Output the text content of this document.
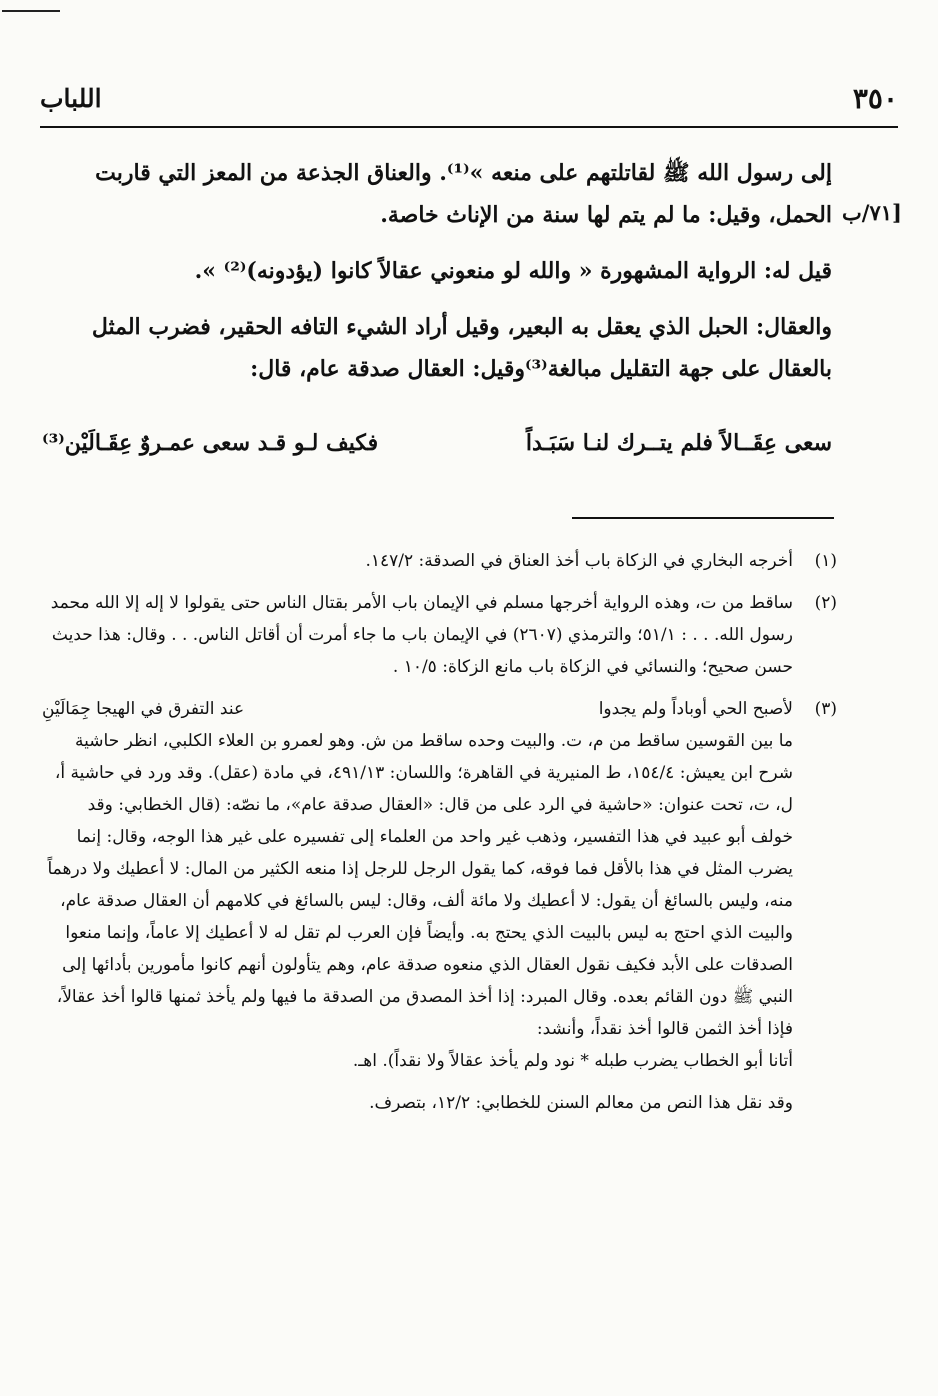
٣٥٠
اللباب
٧١/ب]

إلى رسول الله ﷺ لقاتلتهم على منعه »⁽¹⁾. والعناق الجذعة من المعز التي قاربت الحمل، وقيل: ما لم يتم لها سنة من الإناث خاصة.

قيل له: الرواية المشهورة « والله لو منعوني عقالاً كانوا (يؤدونه)⁽²⁾ ».

والعقال: الحبل الذي يعقل به البعير، وقيل أراد الشيء التافه الحقير، فضرب المثل بالعقال على جهة التقليل مبالغة⁽³⁾وقيل: العقال صدقة عام، قال:

سعى عِقَــالاً فلم يتــرك لنـا سَبَـداً
فكيف لـو قـد سعى عمـروٌ عِقَـالَيْن⁽³⁾
(١)

أخرجه البخاري في الزكاة باب أخذ العناق في الصدقة: ١٤٧/٢.

(٢)

ساقط من ت، وهذه الرواية أخرجها مسلم في الإيمان باب الأمر بقتال الناس حتى يقولوا لا إله إلا الله محمد رسول الله. . . : ٥١/١؛ والترمذي (٢٦٠٧) في الإيمان باب ما جاء أمرت أن أقاتل الناس. . . وقال: هذا حديث حسن صحيح؛ والنسائي في الزكاة باب مانع الزكاة: ١٠/٥ .

(٣)
لأصبح الحي أوباداً ولم يجدوا
عند التفرق في الهيجا جِمَالَيْنِ

ما بين القوسين ساقط من م، ت. والبيت وحده ساقط من ش. وهو لعمرو بن العلاء الكلبي، انظر حاشية شرح ابن يعيش: ١٥٤/٤، ط المنيرية في القاهرة؛ واللسان: ٤٩١/١٣، في مادة (عقل). وقد ورد في حاشية أ، ل، ت، تحت عنوان: «حاشية في الرد على من قال: «العقال صدقة عام»، ما نصّه: (قال الخطابي: وقد خولف أبو عبيد في هذا التفسير، وذهب غير واحد من العلماء إلى تفسيره على غير هذا الوجه، وقال: إنما يضرب المثل في هذا بالأقل فما فوقه، كما يقول الرجل للرجل إذا منعه الكثير من المال: لا أعطيك ولا درهماً منه، وليس بالسائغ أن يقول: لا أعطيك ولا مائة ألف، وقال: ليس بالسائغ في كلامهم أن العقال صدقة عام، والبيت الذي احتج به ليس بالبيت الذي يحتج به. وأيضاً فإن العرب لم تقل له لا أعطيك إلا عاماً، وإنما منعوا الصدقات على الأبد فكيف نقول العقال الذي منعوه صدقة عام، وهم يتأولون أنهم كانوا مأمورين بأدائها إلى النبي ﷺ دون القائم بعده. وقال المبرد: إذا أخذ المصدق من الصدقة ما فيها ولم يأخذ ثمنها قالوا أخذ عقالاً، فإذا أخذ الثمن قالوا أخذ نقداً، وأنشد:

أتانا أبو الخطاب يضرب طبله * نود ولم يأخذ عقالاً ولا نقداً). اهـ.

وقد نقل هذا النص من معالم السنن للخطابي: ١٢/٢، بتصرف.
